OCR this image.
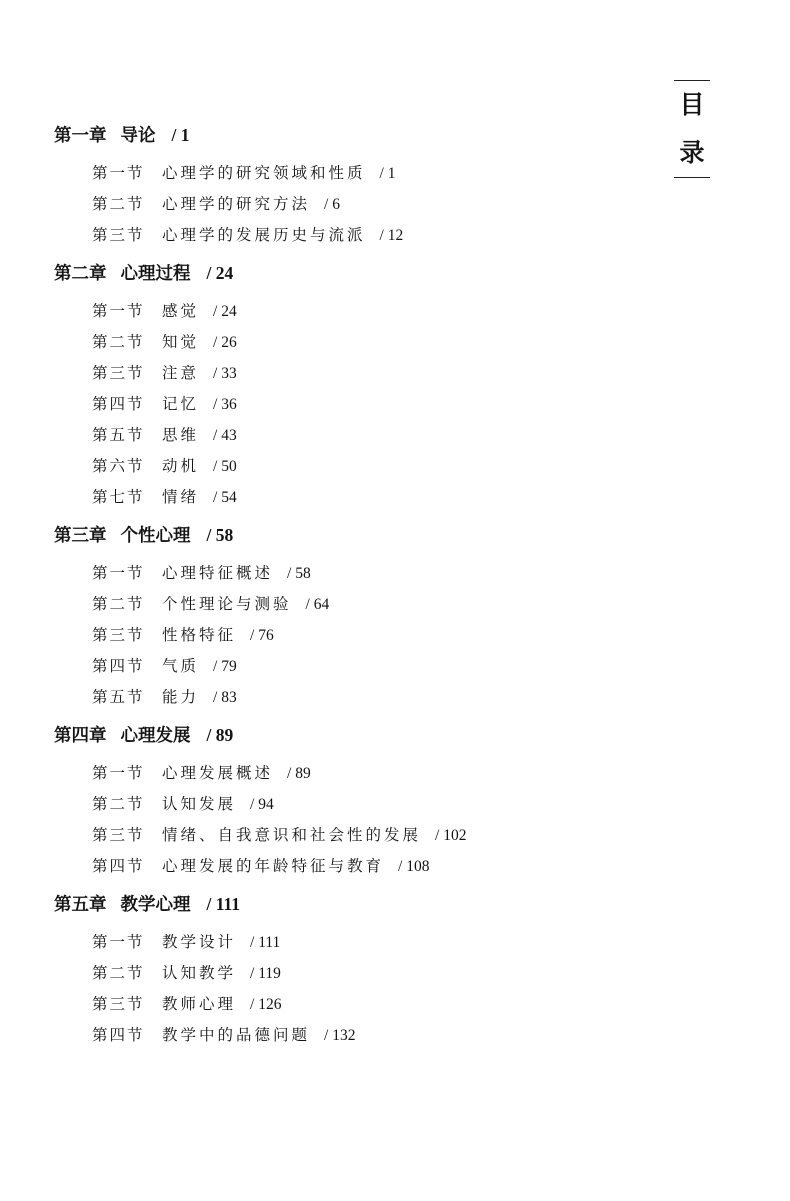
目
录
第一章 导论 / 1
第一节 心理学的研究领域和性质 / 1
第二节 心理学的研究方法 / 6
第三节 心理学的发展历史与流派 / 12
第二章 心理过程 / 24
第一节 感觉 / 24
第二节 知觉 / 26
第三节 注意 / 33
第四节 记忆 / 36
第五节 思维 / 43
第六节 动机 / 50
第七节 情绪 / 54
第三章 个性心理 / 58
第一节 心理特征概述 / 58
第二节 个性理论与测验 / 64
第三节 性格特征 / 76
第四节 气质 / 79
第五节 能力 / 83
第四章 心理发展 / 89
第一节 心理发展概述 / 89
第二节 认知发展 / 94
第三节 情绪、自我意识和社会性的发展 / 102
第四节 心理发展的年龄特征与教育 / 108
第五章 教学心理 / 111
第一节 教学设计 / 111
第二节 认知教学 / 119
第三节 教师心理 / 126
第四节 教学中的品德问题 / 132
